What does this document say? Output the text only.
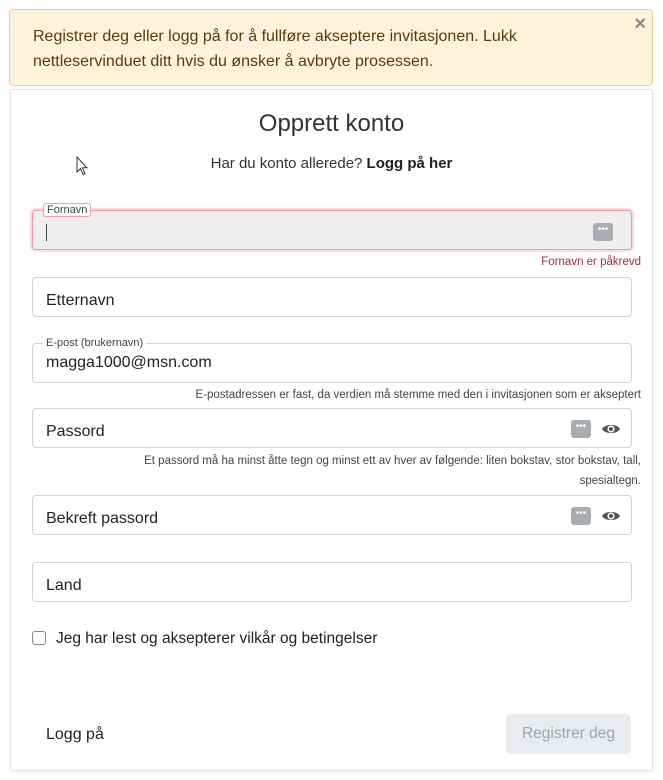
Registrer deg eller logg på for å fullføre akseptere invitasjonen. Lukk nettleservinduet ditt hvis du ønsker å avbryte prosessen.

×
Opprett konto
Har du konto allerede? Logg på her
Fornavn
•••
Fornavn er påkrevd
Etternavn
E-post (brukernavn)
magga1000@msn.com
E-postadressen er fast, da verdien må stemme med den i invitasjonen som er akseptert
Passord	•••
Et passord må ha minst åtte tegn og minst ett av hver av følgende: liten bokstav, stor bokstav, tall,
spesialtegn.
Bekreft passord	•••
Land
Jeg har lest og aksepterer vilkår og betingelser
Logg på	Registrer deg
